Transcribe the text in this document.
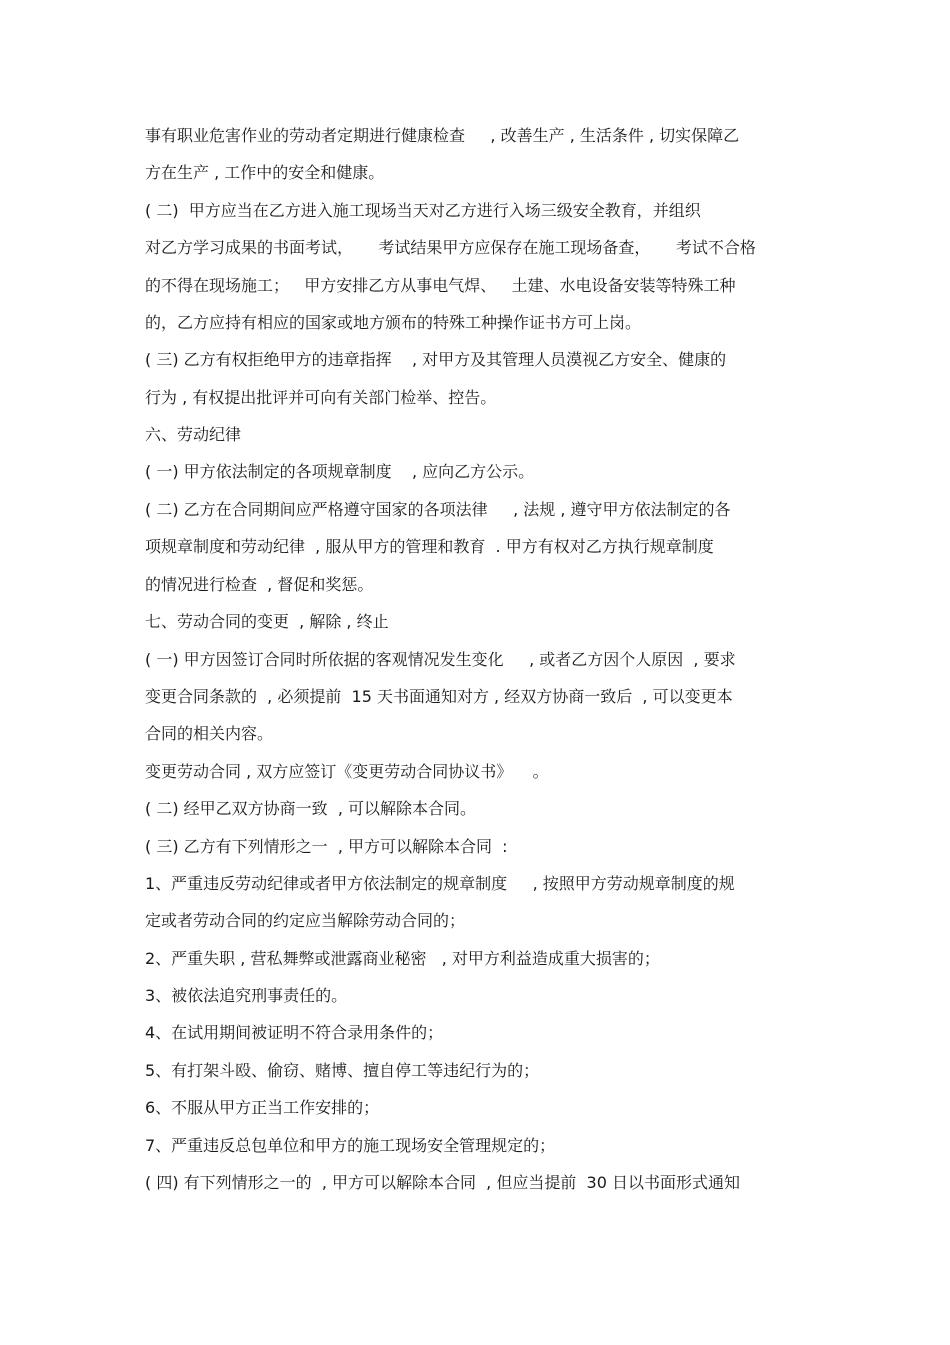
事有职业危害作业的劳动者定期进行健康检查     , 改善生产 , 生活条件 , 切实保障乙
方在生产 , 工作中的安全和健康。
( 二)  甲方应当在乙方进入施工现场当天对乙方进行入场三级安全教育，并组织
对乙方学习成果的书面考试，     考试结果甲方应保存在施工现场备查，     考试不合格
的不得在现场施工；   甲方安排乙方从事电气焊、   土建、水电设备安装等特殊工种
的，乙方应持有相应的国家或地方颁布的特殊工种操作证书方可上岗。
( 三) 乙方有权拒绝甲方的违章指挥    , 对甲方及其管理人员漠视乙方安全、健康的
行为 , 有权提出批评并可向有关部门检举、控告。
六、劳动纪律
( 一) 甲方依法制定的各项规章制度    , 应向乙方公示。
( 二) 乙方在合同期间应严格遵守国家的各项法律     , 法规 , 遵守甲方依法制定的各
项规章制度和劳动纪律  , 服从甲方的管理和教育  . 甲方有权对乙方执行规章制度
的情况进行检查  , 督促和奖惩。
七、劳动合同的变更  , 解除 , 终止
( 一) 甲方因签订合同时所依据的客观情况发生变化     , 或者乙方因个人原因  , 要求
变更合同条款的  , 必须提前  15 天书面通知对方 , 经双方协商一致后  , 可以变更本
合同的相关内容。
变更劳动合同 , 双方应签订《变更劳动合同协议书》    。
( 二) 经甲乙双方协商一致  , 可以解除本合同。
( 三) 乙方有下列情形之一  , 甲方可以解除本合同  :
1、严重违反劳动纪律或者甲方依法制定的规章制度     , 按照甲方劳动规章制度的规
定或者劳动合同的约定应当解除劳动合同的；
2、严重失职 , 营私舞弊或泄露商业秘密   , 对甲方利益造成重大损害的；
3、被依法追究刑事责任的。
4、在试用期间被证明不符合录用条件的；
5、有打架斗殴、偷窃、赌博、擅自停工等违纪行为的；
6、不服从甲方正当工作安排的；
7、严重违反总包单位和甲方的施工现场安全管理规定的；
( 四) 有下列情形之一的  , 甲方可以解除本合同  , 但应当提前  30 日以书面形式通知
